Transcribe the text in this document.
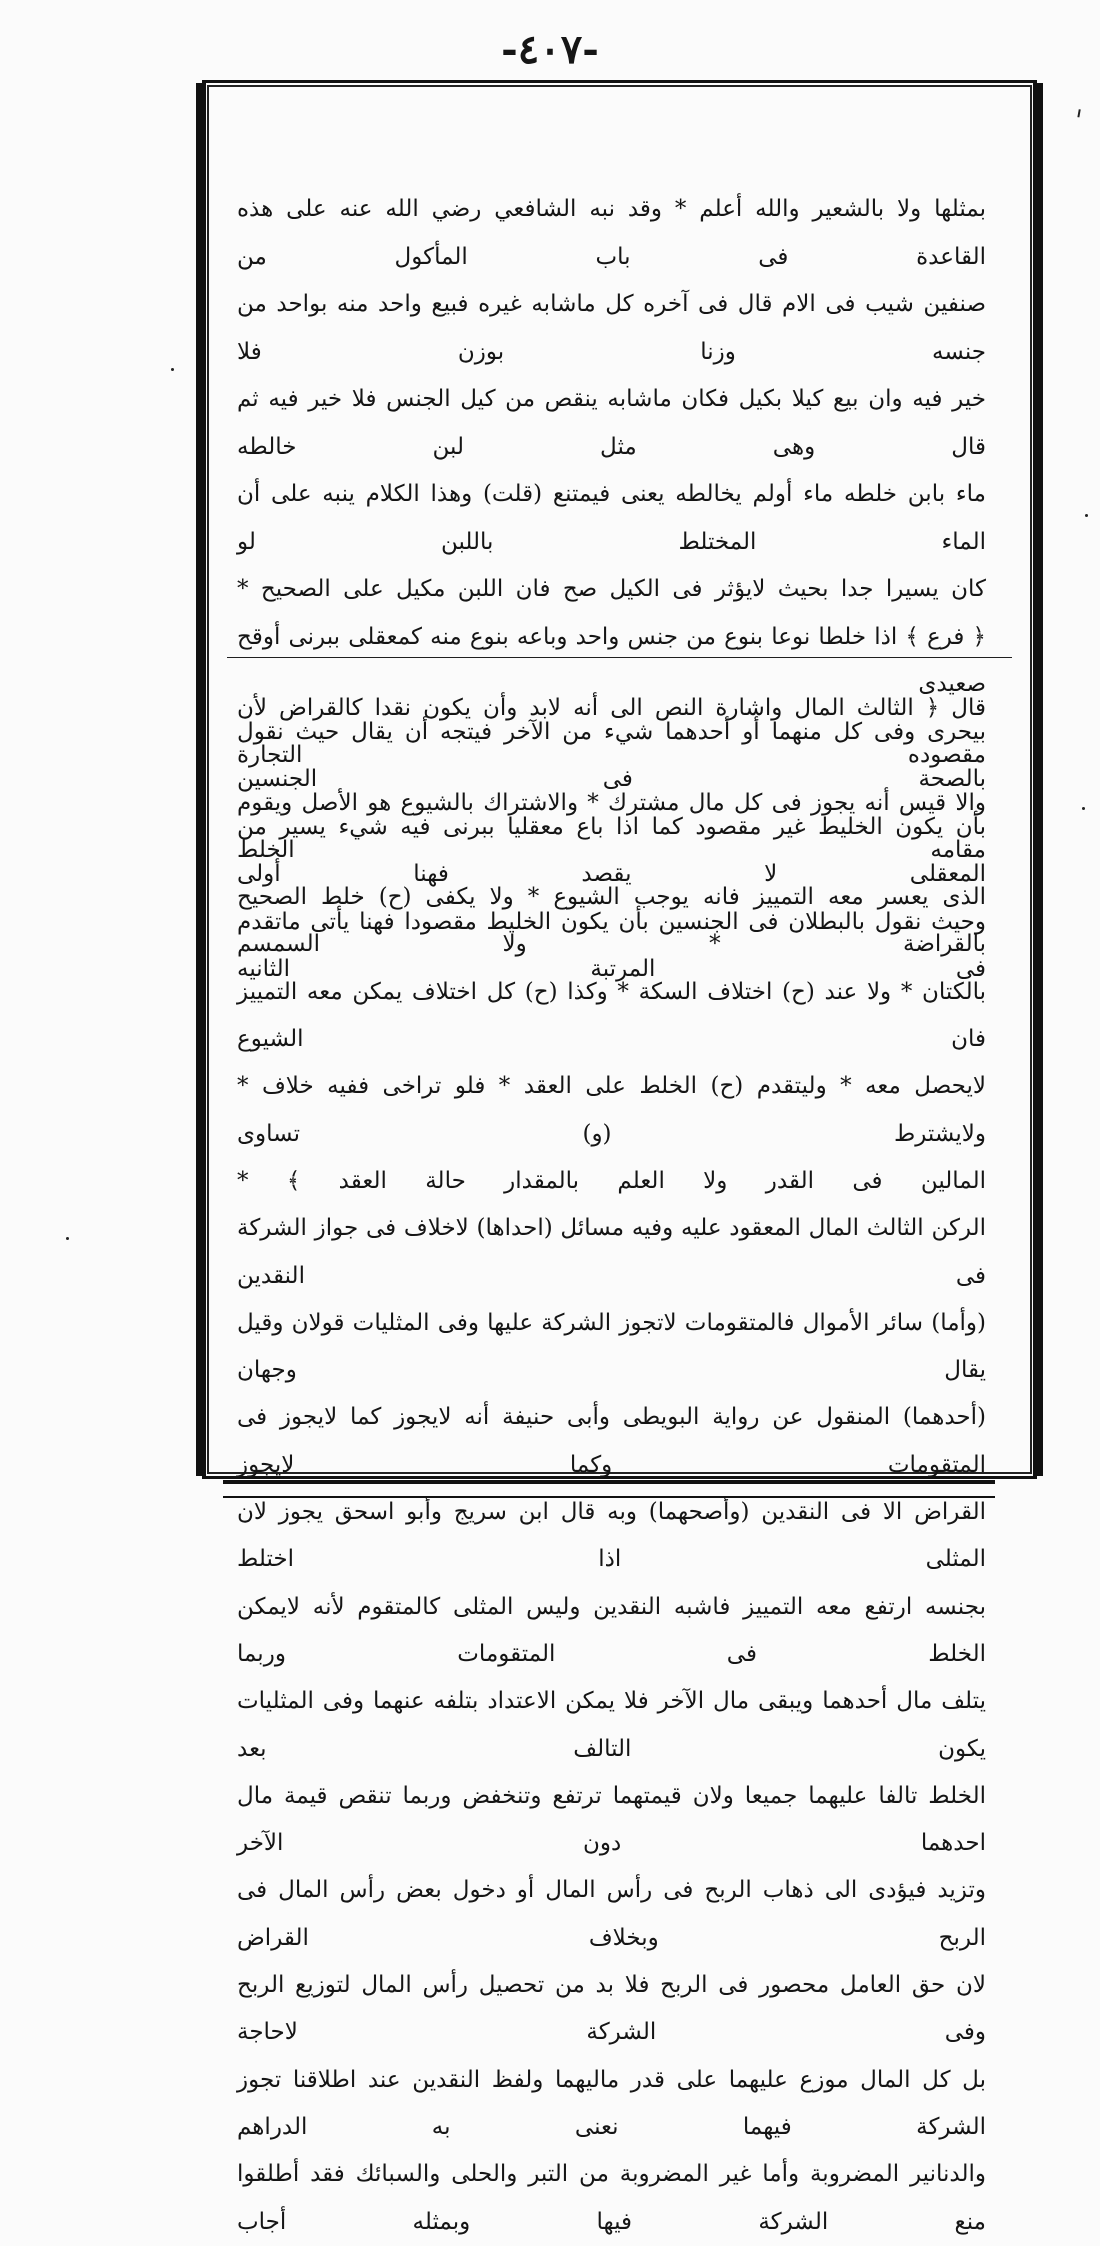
-٤٠٧-
بمثلها ولا بالشعير والله أعلم * وقد نبه الشافعي رضي الله عنه على هذه القاعدة فى باب المأكول من
صنفين شيب فى الام قال فى آخره كل ماشابه غيره فبيع واحد منه بواحد من جنسه وزنا بوزن فلا
خير فيه وان بيع كيلا بكيل فكان ماشابه ينقص من كيل الجنس فلا خير فيه ثم قال وهى مثل لبن خالطه
ماء بابن خلطه ماء أولم يخالطه يعنى فيمتنع (قلت) وهذا الكلام ينبه على أن الماء المختلط باللبن لو
كان يسيرا جدا بحيث لايؤثر فى الكيل صح فان اللبن مكيل على الصحيح *
﴿ فرع ﴾ اذا خلطا نوعا بنوع من جنس واحد وباعه بنوع منه كمعقلى ببرنى أوقح صعيدى
بيحرى وفى كل منهما أو أحدهما شيء من الآخر فيتجه أن يقال حيث نقول بالصحة فى الجنسين
بأن يكون الخليط غير مقصود كما اذا باع معقليا ببرنى فيه شيء يسير من المعقلى لا يقصد فهنا أولى
وحيث نقول بالبطلان فى الجنسين بأن يكون الخليط مقصودا فهنا يأتى ماتقدم فى المرتبة الثانيه
قال ﴿ الثالث المال واشارة النص الى أنه لابد وأن يكون نقدا كالقراض لأن مقصوده التجارة
والا قيس أنه يجوز فى كل مال مشترك * والاشتراك بالشيوع هو الأصل ويقوم مقامه الخلط
الذى يعسر معه التمييز فانه يوجب الشيوع * ولا يكفى (ح) خلط الصحيح بالقراضة * ولا السمسم
بالكتان * ولا عند (ح) اختلاف السكة * وكذا (ح) كل اختلاف يمكن معه التمييز فان الشيوع
لايحصل معه * وليتقدم (ح) الخلط على العقد * فلو تراخى ففيه خلاف * ولايشترط (و) تساوى
المالين فى القدر ولا العلم بالمقدار حالة العقد ﴾ *
الركن الثالث المال المعقود عليه وفيه مسائل (احداها) لاخلاف فى جواز الشركة فى النقدين
(وأما) سائر الأموال فالمتقومات لاتجوز الشركة عليها وفى المثليات قولان وقيل يقال وجهان
(أحدهما) المنقول عن رواية البويطى وأبى حنيفة أنه لايجوز كما لايجوز فى المتقومات وكما لايجوز
القراض الا فى النقدين (وأصحهما) وبه قال ابن سريج وأبو اسحق يجوز لان المثلى اذا اختلط
بجنسه ارتفع معه التمييز فاشبه النقدين وليس المثلى كالمتقوم لأنه لايمكن الخلط فى المتقومات وربما
يتلف مال أحدهما ويبقى مال الآخر فلا يمكن الاعتداد بتلفه عنهما وفى المثليات يكون التالف بعد
الخلط تالفا عليهما جميعا ولان قيمتهما ترتفع وتنخفض وربما تنقص قيمة مال احدهما دون الآخر
وتزيد فيؤدى الى ذهاب الربح فى رأس المال أو دخول بعض رأس المال فى الربح وبخلاف القراض
لان حق العامل محصور فى الربح فلا بد من تحصيل رأس المال لتوزيع الربح وفى الشركة لاحاجة
بل كل المال موزع عليهما على قدر ماليهما ولفظ النقدين عند اطلاقنا تجوز الشركة فيهما نعنى به الدراهم
والدنانير المضروبة وأما غير المضروبة من التبر والحلى والسبائك فقد أطلقوا منع الشركة فيها وبمثله أجاب
